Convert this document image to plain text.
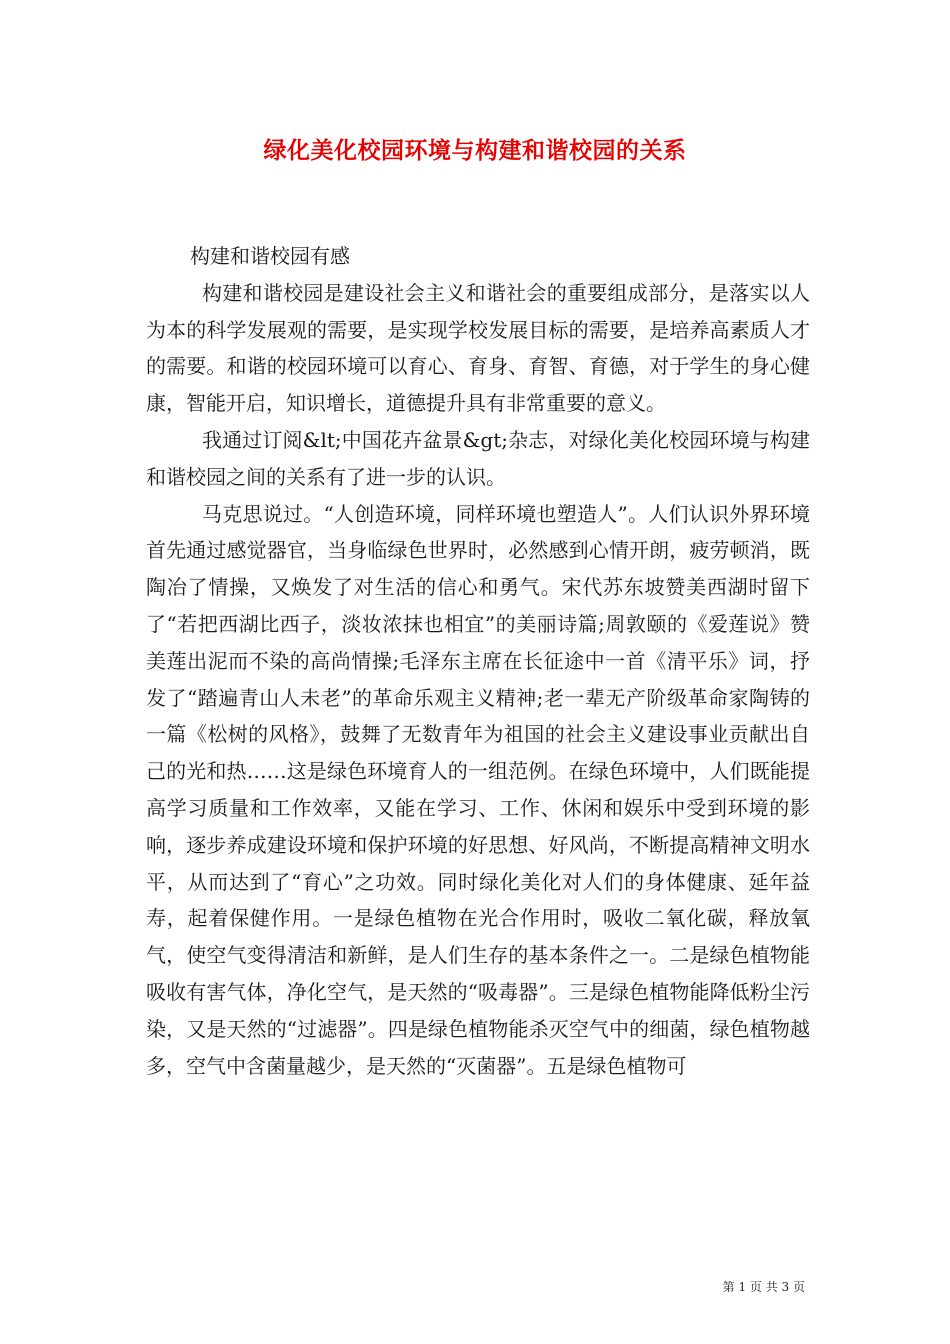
绿化美化校园环境与构建和谐校园的关系

构建和谐校园有感

构建和谐校园是建设社会主义和谐社会的重要组成部分，是落实以人为本的科学发展观的需要，是实现学校发展目标的需要，是培养高素质人才的需要。和谐的校园环境可以育心、育身、育智、育德，对于学生的身心健康，智能开启，知识增长，道德提升具有非常重要的意义。

我通过订阅&lt;中国花卉盆景&gt;杂志，对绿化美化校园环境与构建和谐校园之间的关系有了进一步的认识。

马克思说过。“人创造环境，同样环境也塑造人”。人们认识外界环境首先通过感觉器官，当身临绿色世界时，必然感到心情开朗，疲劳顿消，既陶冶了情操，又焕发了对生活的信心和勇气。宋代苏东坡赞美西湖时留下了“若把西湖比西子，淡妆浓抹也相宜”的美丽诗篇;周敦颐的《爱莲说》赞美莲出泥而不染的高尚情操;毛泽东主席在长征途中一首《清平乐》词，抒发了“踏遍青山人未老”的革命乐观主义精神;老一辈无产阶级革命家陶铸的一篇《松树的风格》，鼓舞了无数青年为祖国的社会主义建设事业贡献出自己的光和热……这是绿色环境育人的一组范例。在绿色环境中，人们既能提高学习质量和工作效率，又能在学习、工作、休闲和娱乐中受到环境的影响，逐步养成建设环境和保护环境的好思想、好风尚，不断提高精神文明水平，从而达到了“育心”之功效。同时绿化美化对人们的身体健康、延年益寿，起着保健作用。一是绿色植物在光合作用时，吸收二氧化碳，释放氧气，使空气变得清洁和新鲜，是人们生存的基本条件之一。二是绿色植物能吸收有害气体，净化空气，是天然的“吸毒器”。三是绿色植物能降低粉尘污染，又是天然的“过滤器”。四是绿色植物能杀灭空气中的细菌，绿色植物越多，空气中含菌量越少，是天然的“灭菌器”。五是绿色植物可

第 1 页 共 3 页
